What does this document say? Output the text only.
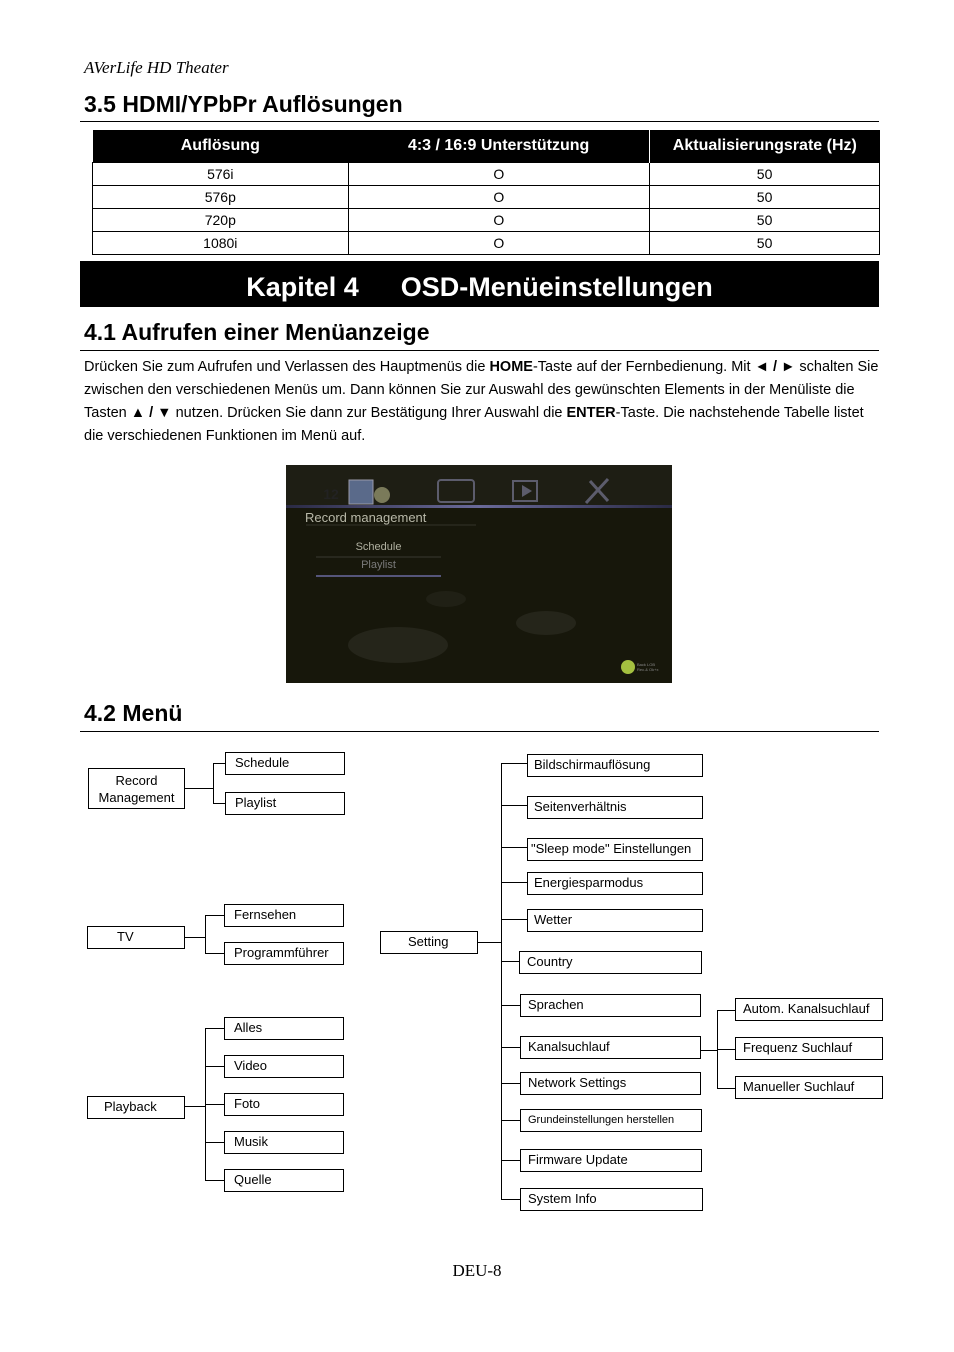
AVerLife HD Theater
3.5 HDMI/YPbPr Auflösungen
Auflösung	4:3 / 16:9 Unterstützung	Aktualisierungsrate (Hz)
576i	O	50
576p	O	50
720p	O	50
1080i	O	50
Kapitel 4 OSD-Menüeinstellungen
4.1 Aufrufen einer Menüanzeige
Drücken Sie zum Aufrufen und Verlassen des Hauptmenüs die HOME-Taste auf der Fernbedienung. Mit ◄ / ► schalten Sie zwischen den verschiedenen Menüs um. Dann können Sie zur Auswahl des gewünschten Elements in der Menüliste die Tasten ▲ / ▼ nutzen. Drücken Sie dann zur Bestätigung Ihrer Auswahl die ENTER-Taste. Die nachstehende Tabelle listet die verschiedenen Funktionen im Menü auf.
12
Record management
Schedule
Playlist
Back LOB
Rec.& Ok+x
4.2 Menü
Record
Management
Schedule
Playlist
TV
Fernsehen
Programmführer
Playback
Alles
Video
Foto
Musik
Quelle
Setting
Bildschirmauflösung
Seitenverhältnis
"Sleep mode" Einstellungen
Energiesparmodus
Wetter
Country
Sprachen
Kanalsuchlauf
Network Settings
Grundeinstellungen herstellen
Firmware Update
System Info
Autom. Kanalsuchlauf
Frequenz Suchlauf
Manueller Suchlauf
DEU-8
